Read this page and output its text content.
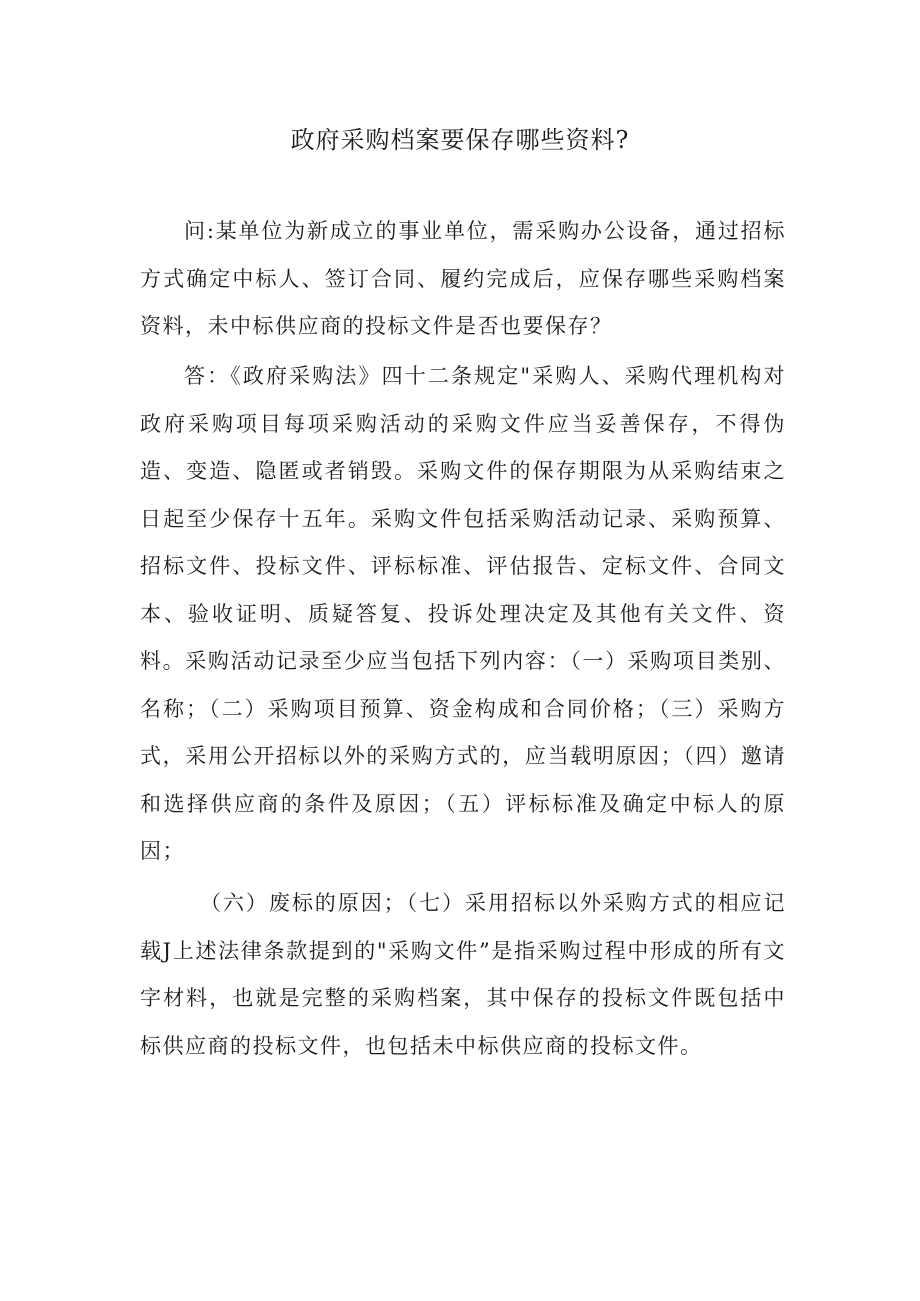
政府采购档案要保存哪些资料?

问:某单位为新成立的事业单位，需采购办公设备，通过招标方式确定中标人、签订合同、履约完成后，应保存哪些采购档案资料，未中标供应商的投标文件是否也要保存？

答：《政府采购法》四十二条规定"采购人、采购代理机构对政府采购项目每项采购活动的采购文件应当妥善保存，不得伪造、变造、隐匿或者销毁。采购文件的保存期限为从采购结束之日起至少保存十五年。采购文件包括采购活动记录、采购预算、招标文件、投标文件、评标标准、评估报告、定标文件、合同文本、验收证明、质疑答复、投诉处理决定及其他有关文件、资料。采购活动记录至少应当包括下列内容：（一）采购项目类别、名称；（二）采购项目预算、资金构成和合同价格；（三）采购方式，采用公开招标以外的采购方式的，应当载明原因；（四）邀请和选择供应商的条件及原因；（五）评标标准及确定中标人的原因；

（六）废标的原因；（七）采用招标以外采购方式的相应记载J上述法律条款提到的"采购文件”是指采购过程中形成的所有文字材料，也就是完整的采购档案，其中保存的投标文件既包括中标供应商的投标文件，也包括未中标供应商的投标文件。
